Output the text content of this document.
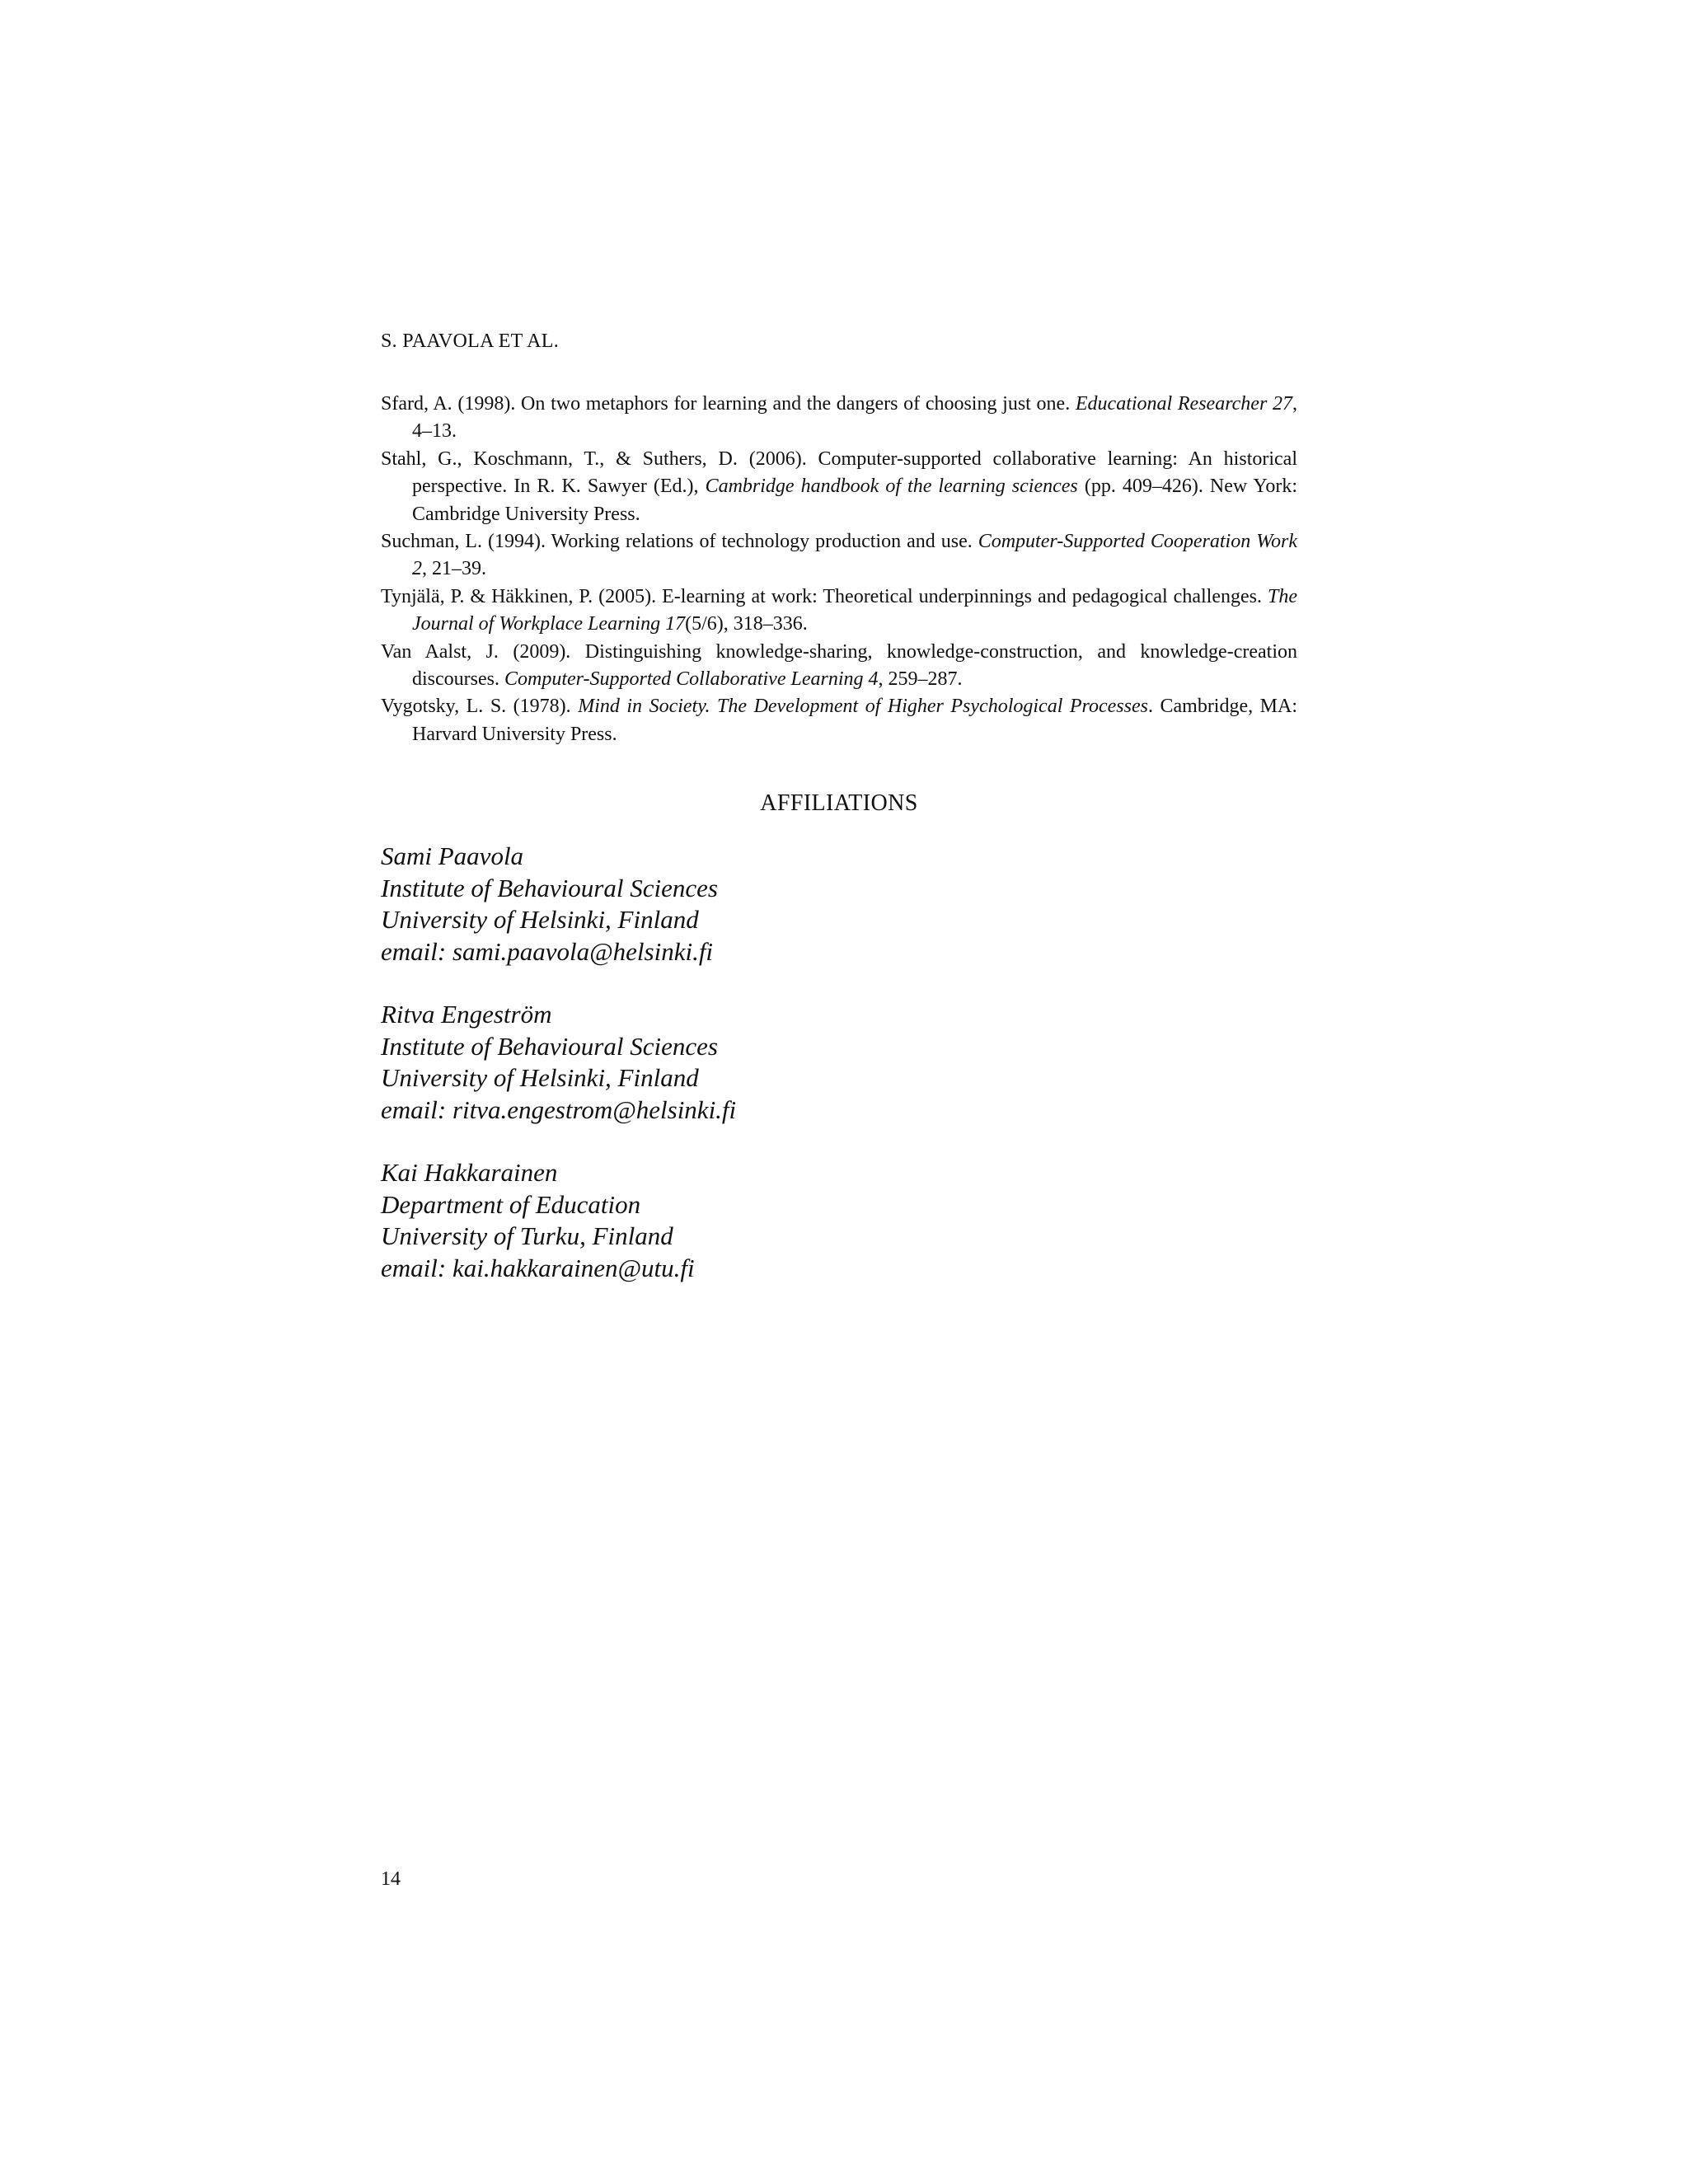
S. PAAVOLA ET AL.

Sfard, A. (1998). On two metaphors for learning and the dangers of choosing just one. Educational Researcher 27, 4–13.

Stahl, G., Koschmann, T., & Suthers, D. (2006). Computer-supported collaborative learning: An historical perspective. In R. K. Sawyer (Ed.), Cambridge handbook of the learning sciences (pp. 409–426). New York: Cambridge University Press.

Suchman, L. (1994). Working relations of technology production and use. Computer-Supported Cooperation Work 2, 21–39.

Tynjälä, P. & Häkkinen, P. (2005). E-learning at work: Theoretical underpinnings and pedagogical challenges. The Journal of Workplace Learning 17(5/6), 318–336.

Van Aalst, J. (2009). Distinguishing knowledge-sharing, knowledge-construction, and knowledge-creation discourses. Computer-Supported Collaborative Learning 4, 259–287.

Vygotsky, L. S. (1978). Mind in Society. The Development of Higher Psychological Processes. Cambridge, MA: Harvard University Press.

AFFILIATIONS
Sami Paavola
Institute of Behavioural Sciences
University of Helsinki, Finland
email: sami.paavola@helsinki.fi
Ritva Engeström
Institute of Behavioural Sciences
University of Helsinki, Finland
email: ritva.engestrom@helsinki.fi
Kai Hakkarainen
Department of Education
University of Turku, Finland
email: kai.hakkarainen@utu.fi
14
